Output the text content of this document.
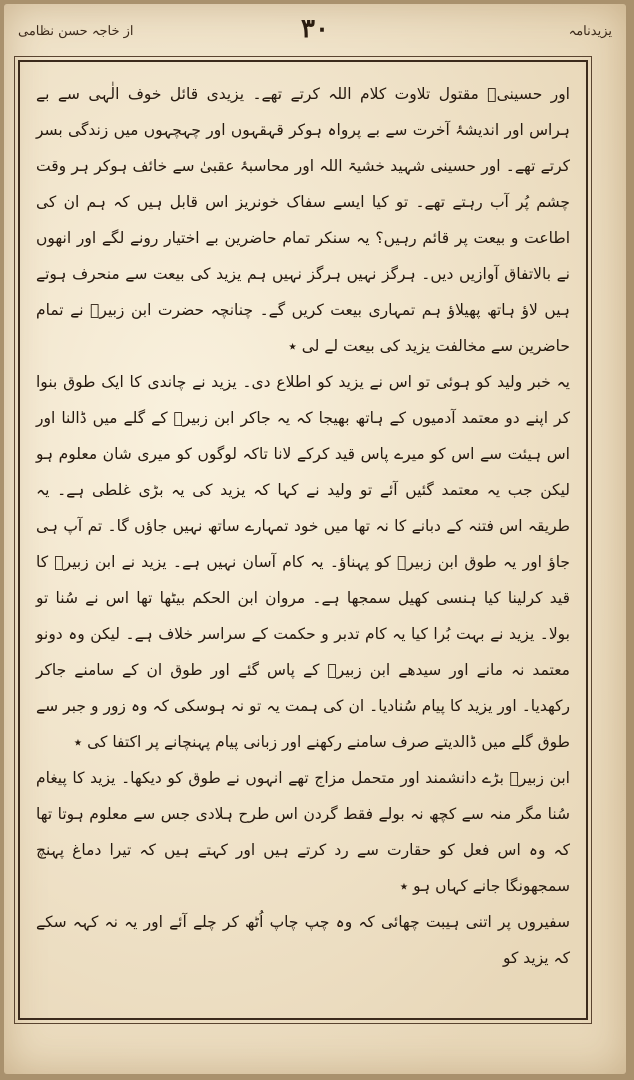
از خاجہ حسن نظامی	٣٠	یزیدنامہ

اور حسینیؓ مقتول تلاوت کلام اللہ کرتے تھے۔ یزیدی قائل خوف الٰہی سے بے ہراس اور اندیشۂ آخرت سے بے پرواہ ہوکر قہقہوں اور چہچہوں میں زندگی بسر کرتے تھے۔ اور حسینی شہید خشیۃ اللہ اور محاسبۂ عقبیٰ سے خائف ہوکر ہر وقت چشم پُر آب رہتے تھے۔ تو کیا ایسے سفاک خونریز اس قابل ہیں کہ ہم ان کی اطاعت و بیعت پر قائم رہیں؟ یہ سنکر تمام حاضرین بے اختیار رونے لگے اور انھوں نے بالاتفاق آوازیں دیں۔ ہرگز نہیں ہرگز نہیں ہم یزید کی بیعت سے منحرف ہوتے ہیں لاؤ ہاتھ پھیلاؤ ہم تمہاری بیعت کریں گے۔ چنانچہ حضرت ابن زبیرؓ نے تمام حاضرین سے مخالفت یزید کی بیعت لے لی ٭

یہ خبر ولید کو ہوئی تو اس نے یزید کو اطلاع دی۔ یزید نے چاندی کا ایک طوق بنوا کر اپنے دو معتمد آدمیوں کے ہاتھ بھیجا کہ یہ جاکر ابن زبیرؓ کے گلے میں ڈالنا اور اس ہیئت سے اس کو میرے پاس قید کرکے لانا تاکہ لوگوں کو میری شان معلوم ہو لیکن جب یہ معتمد گئیں آئے تو ولید نے کہا کہ یزید کی یہ بڑی غلطی ہے۔ یہ طریقہ اس فتنہ کے دبانے کا نہ تھا میں خود تمہارے ساتھ نہیں جاؤں گا۔ تم آپ ہی جاؤ اور یہ طوق ابن زبیرؓ کو پہناؤ۔ یہ کام آسان نہیں ہے۔ یزید نے ابن زبیرؓ کا قید کرلینا کیا ہنسی کھیل سمجھا ہے۔ مروان ابن الحکم بیٹھا تھا اس نے سُنا تو بولا۔ یزید نے بہت بُرا کیا یہ کام تدبر و حکمت کے سراسر خلاف ہے۔ لیکن وہ دونو معتمد نہ مانے اور سیدھے ابن زبیرؓ کے پاس گئے اور طوق ان کے سامنے جاکر رکھدیا۔ اور یزید کا پیام سُنادیا۔ ان کی ہمت یہ تو نہ ہوسکی کہ وہ زور و جبر سے طوق گلے میں ڈالدیتے صرف سامنے رکھنے اور زبانی پیام پہنچانے پر اکتفا کی ٭

ابن زبیرؓ بڑے دانشمند اور متحمل مزاج تھے انہوں نے طوق کو دیکھا۔ یزید کا پیغام سُنا مگر منہ سے کچھ نہ بولے فقط گردن اس طرح ہلادی جس سے معلوم ہوتا تھا کہ وہ اس فعل کو حقارت سے رد کرتے ہیں اور کہتے ہیں کہ تیرا دماغ پہنچ سمجھونگا جانے کہاں ہو ٭

سفیروں پر اتنی ہیبت چھائی کہ وہ چپ چاپ اُٹھ کر چلے آئے اور یہ نہ کہہ سکے کہ یزید کو
